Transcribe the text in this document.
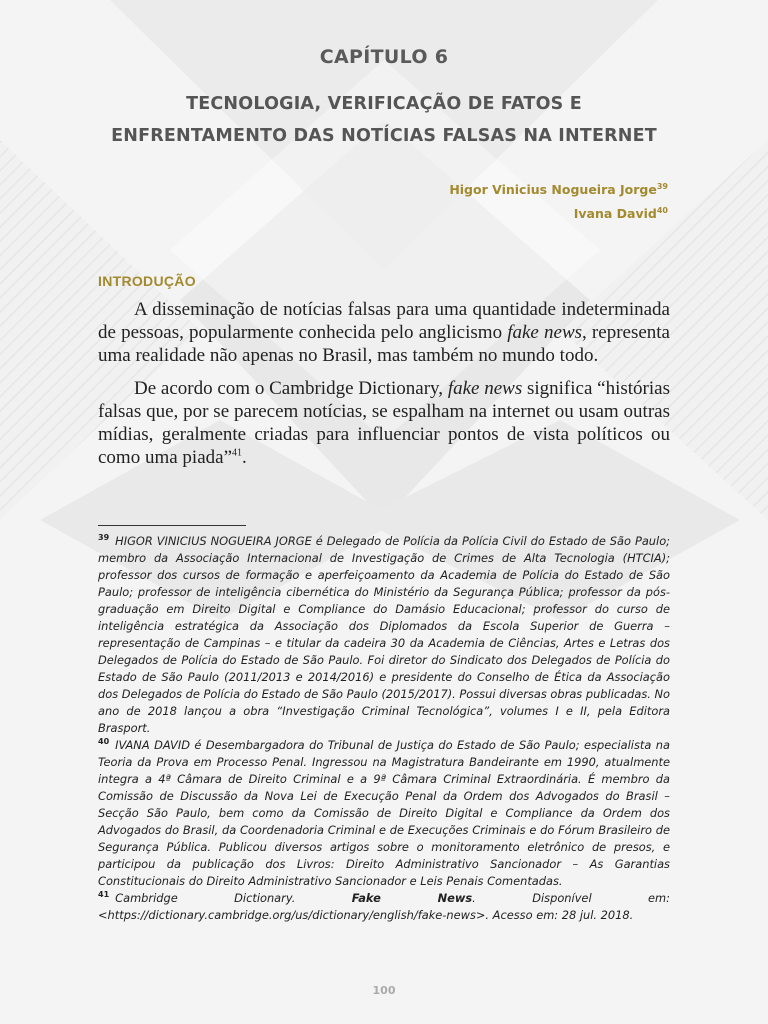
CAPÍTULO 6
TECNOLOGIA, VERIFICAÇÃO DE FATOS E
ENFRENTAMENTO DAS NOTÍCIAS FALSAS NA INTERNET
Higor Vinicius Nogueira Jorge$^{39}$
Ivana David$^{40}$
INTRODUÇÃO

A disseminação de notícias falsas para uma quantidade indeterminada de pessoas, popularmente conhecida pelo anglicismo fake news, representa uma realidade não apenas no Brasil, mas também no mundo todo.

De acordo com o Cambridge Dictionary, fake news significa “histórias falsas que, por se parecem notícias, se espalham na internet ou usam outras mídias, geralmente criadas para influenciar pontos de vista políticos ou como uma piada”$^{41}$.

$^{39}$ HIGOR VINICIUS NOGUEIRA JORGE é Delegado de Polícia da Polícia Civil do Estado de São Paulo; membro da Associação Internacional de Investigação de Crimes de Alta Tecnologia (HTCIA); professor dos cursos de formação e aperfeiçoamento da Academia de Polícia do Estado de São Paulo; professor de inteligência cibernética do Ministério da Segurança Pública; professor da pós-graduação em Direito Digital e Compliance do Damásio Educacional; professor do curso de inteligência estratégica da Associação dos Diplomados da Escola Superior de Guerra – representação de Campinas – e titular da cadeira 30 da Academia de Ciências, Artes e Letras dos Delegados de Polícia do Estado de São Paulo. Foi diretor do Sindicato dos Delegados de Polícia do Estado de São Paulo (2011/2013 e 2014/2016) e presidente do Conselho de Ética da Associação dos Delegados de Polícia do Estado de São Paulo (2015/2017). Possui diversas obras publicadas. No ano de 2018 lançou a obra “Investigação Criminal Tecnológica”, volumes I e II, pela Editora Brasport.

$^{40}$ IVANA DAVID é Desembargadora do Tribunal de Justiça do Estado de São Paulo; especialista na Teoria da Prova em Processo Penal. Ingressou na Magistratura Bandeirante em 1990, atualmente integra a 4ª Câmara de Direito Criminal e a 9ª Câmara Criminal Extraordinária. É membro da Comissão de Discussão da Nova Lei de Execução Penal da Ordem dos Advogados do Brasil – Secção São Paulo, bem como da Comissão de Direito Digital e Compliance da Ordem dos Advogados do Brasil, da Coordenadoria Criminal e de Execuções Criminais e do Fórum Brasileiro de Segurança Pública. Publicou diversos artigos sobre o monitoramento eletrônico de presos, e participou da publicação dos Livros: Direito Administrativo Sancionador – As Garantias Constitucionais do Direito Administrativo Sancionador e Leis Penais Comentadas.

$^{41}$ Cambridge Dictionary. Fake News. Disponível em: <https://dictionary.cambridge.org/us/dictionary/english/fake-news>. Acesso em: 28 jul. 2018.

100
